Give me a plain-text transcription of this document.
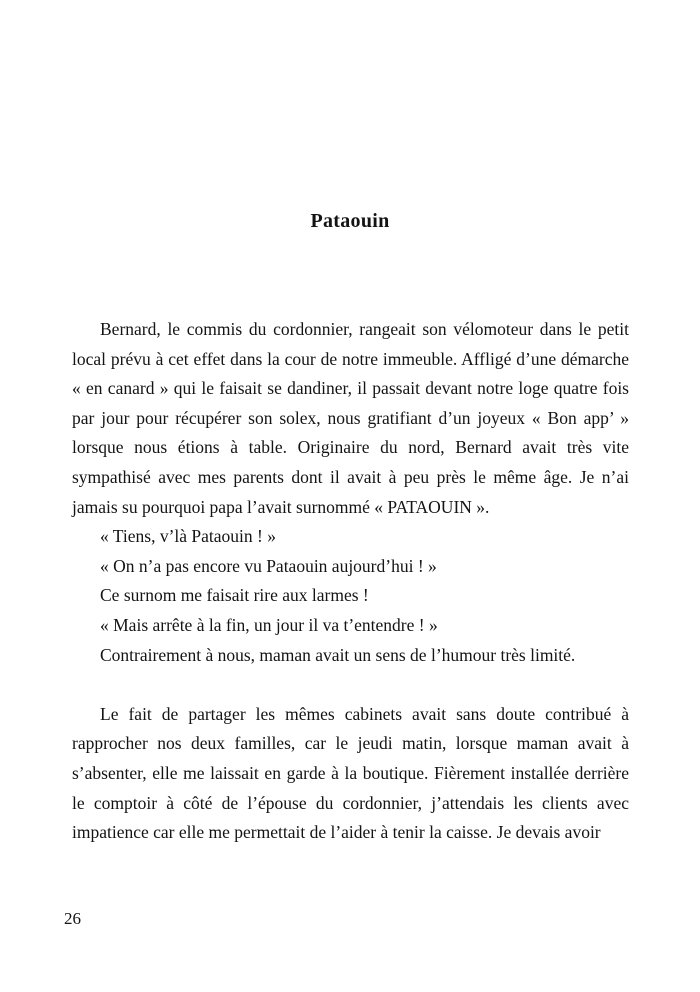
Pataouin

Bernard, le commis du cordonnier, rangeait son vélomoteur dans le petit local prévu à cet effet dans la cour de notre immeuble. Affligé d’une démarche « en canard » qui le faisait se dandiner, il passait devant notre loge quatre fois par jour pour récupérer son solex, nous gratifiant d’un joyeux « Bon app’ » lorsque nous étions à table. Originaire du nord, Bernard avait très vite sympathisé avec mes parents dont il avait à peu près le même âge. Je n’ai jamais su pourquoi papa l’avait surnommé « PATAOUIN ».

« Tiens, v’là Pataouin ! »

« On n’a pas encore vu Pataouin aujourd’hui ! »

Ce surnom me faisait rire aux larmes !

« Mais arrête à la fin, un jour il va t’entendre ! »

Contrairement à nous, maman avait un sens de l’humour très limité.

Le fait de partager les mêmes cabinets avait sans doute contribué à rapprocher nos deux familles, car le jeudi matin, lorsque maman avait à s’absenter, elle me laissait en garde à la boutique. Fièrement installée derrière le comptoir à côté de l’épouse du cordonnier, j’attendais les clients avec impatience car elle me permettait de l’aider à tenir la caisse. Je devais avoir

26
